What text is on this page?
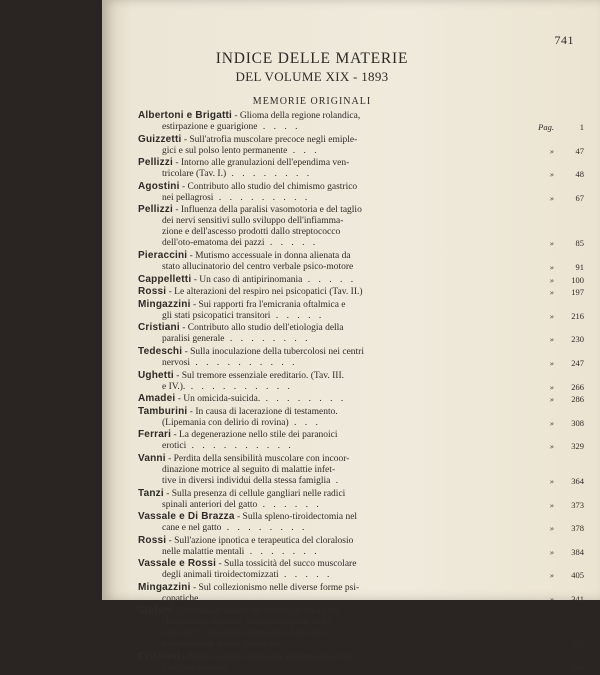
741
INDICE DELLE MATERIE
DEL VOLUME XIX - 1893
MEMORIE ORIGINALI
Albertoni e Brigatti - Glioma della regione rolandica,
estirpazione e guarigione . . . .	Pag.	1
Guizzetti - Sull'atrofia muscolare precoce negli emiple-
gici e sul polso lento permanente . . .	»	47
Pellizzi - Intorno alle granulazioni dell'ependima ven-
tricolare (Tav. I.) . . . . . . . .	»	48
Agostini - Contributo allo studio del chimismo gastrico
nei pellagrosi . . . . . . . . .	»	67
Pellizzi - Influenza della paralisi vasomotoria e del taglio
dei nervi sensitivi sullo sviluppo dell'infiamma-
zione e dell'ascesso prodotti dallo streptococco
dell'oto-ematoma dei pazzi . . . . .	»	85
Pieraccini - Mutismo accessuale in donna alienata da
stato allucinatorio del centro verbale psico-motore	»	91
Cappelletti - Un caso di antipirinomania . . . . .	»	100
Rossi - Le alterazioni del respiro nei psicopatici (Tav. II.)	»	197
Mingazzini - Sui rapporti fra l'emicrania oftalmica e
gli stati psicopatici transitori . . . . .	»	216
Cristiani - Contributo allo studio dell'etiologia della
paralisi generale . . . . . . . .	»	230
Tedeschi - Sulla inoculazione della tubercolosi nei centri
nervosi . . . . . . . . . .	»	247
Ughetti - Sul tremore essenziale ereditario. (Tav. III.
e IV.). . . . . . . . . . .	»	266
Amadei - Un omicida-suicida. . . . . . . . .	»	286
Tamburini - In causa di lacerazione di testamento.
(Lipemania con delirio di rovina) . . .	»	308
Ferrari - La degenerazione nello stile dei paranoici
erotici . . . . . . . . . .	»	329
Vanni - Perdita della sensibilità muscolare con incoor-
dinazione motrice al seguito di malattie infet-
tive in diversi individui della stessa famiglia .	»	364
Tanzi - Sulla presenza di cellule gangliari nelle radici
spinali anteriori del gatto . . . . . .	»	373
Vassale e Di Brazza - Sulla spleno-tiroidectomia nel
cane e nel gatto . . . . . . . .	»	378
Rossi - Sull'azione ipnotica e terapeutica del cloralosio
nelle malattie mentali . . . . . . .	»	384
Vassale e Rossi - Sulla tossicità del succo muscolare
degli animali tiroidectomizzati . . . . .	»	405
Mingazzini - Sul collezionismo nelle diverse forme psi-
copatiche . . . . . . . . .	»	341
Stefani - Intorno all'azione del cloruro di calcio sul-
l'eccitabilità nervosa; sull'eliminazione della
calce per l'orina negli alienati e sul suo uso
terapeutico in alcune psicopatie . . . .	»	574
Cristiani - Epilessia Jacksoniana da autointossicazione
d'origine gastrica . . . . . . . .	»	654
